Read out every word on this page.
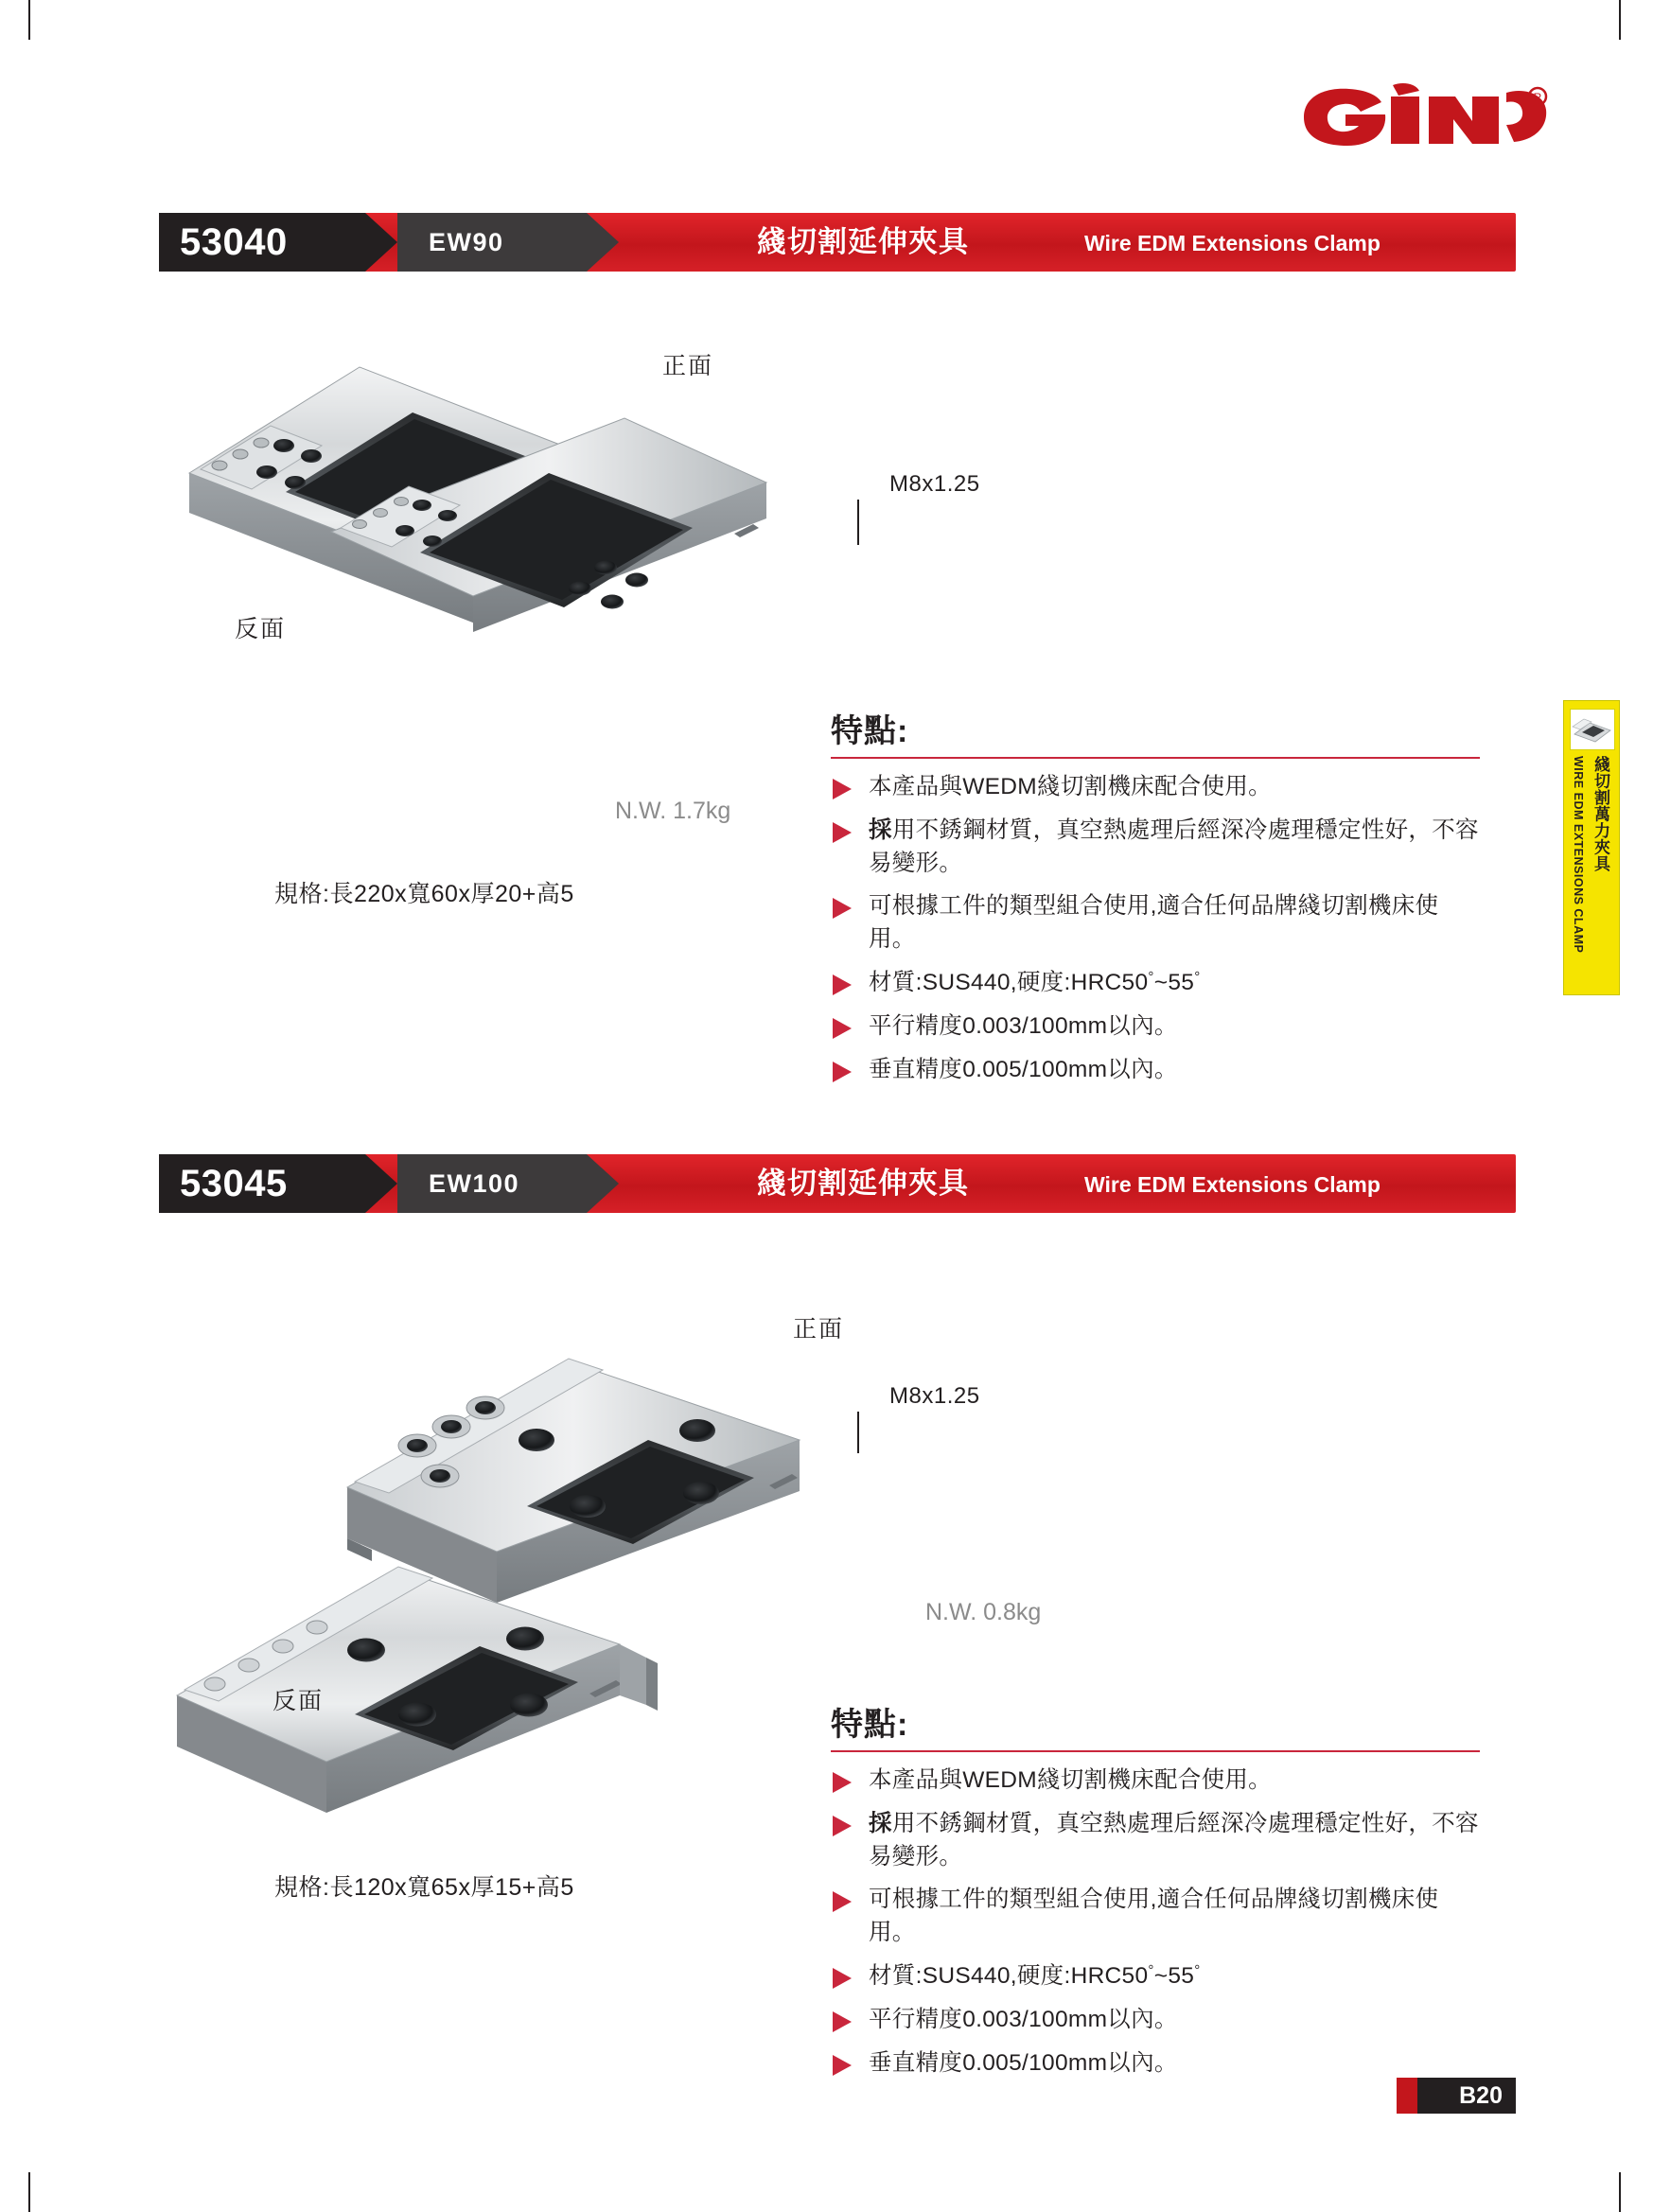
R
53040	EW90	綫切割延伸夾具	Wire EDM Extensions Clamp
正面
反面
M8x1.25
N.W. 1.7kg
規格:長220x寬60x厚20+高5
特點:
本產品與WEDM綫切割機床配合使用。
採用不銹鋼材質，真空熱處理后經深冷處理穩定性好，不容易變形。
可根據工件的類型組合使用,適合任何品牌綫切割機床使用。
材質:SUS440,硬度:HRC50°~55°
平行精度0.003/100mm以內。
垂直精度0.005/100mm以內。
綫切割萬力夾具
WIRE EDM EXTENSIONS CLAMP
53045	EW100	綫切割延伸夾具	Wire EDM Extensions Clamp
正面
反面
M8x1.25
N.W. 0.8kg
規格:長120x寬65x厚15+高5
特點:
本產品與WEDM綫切割機床配合使用。
採用不銹鋼材質，真空熱處理后經深冷處理穩定性好，不容易變形。
可根據工件的類型組合使用,適合任何品牌綫切割機床使用。
材質:SUS440,硬度:HRC50°~55°
平行精度0.003/100mm以內。
垂直精度0.005/100mm以內。
B20
